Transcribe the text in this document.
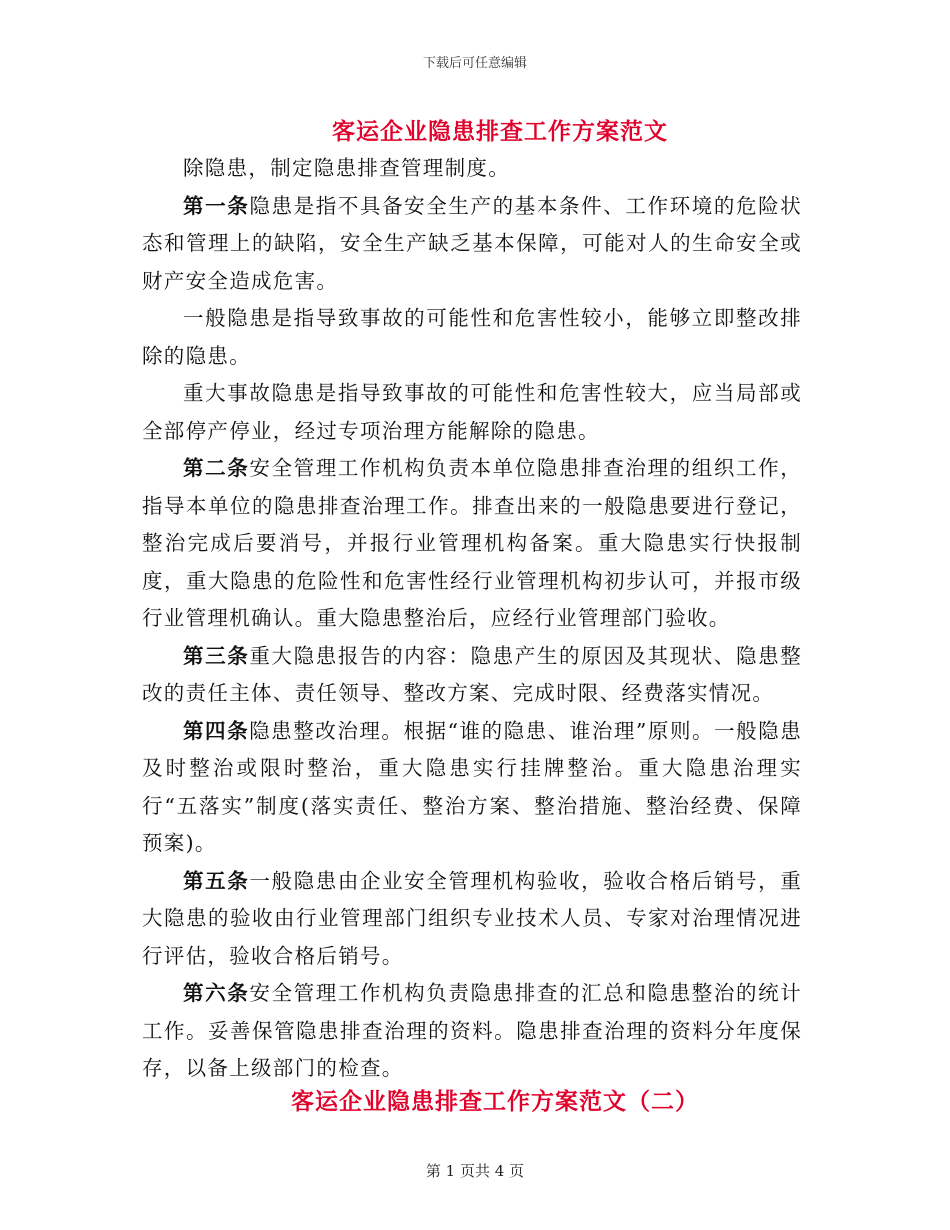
下载后可任意编辑
客运企业隐患排查工作方案范文

除隐患，制定隐患排查管理制度。

第一条隐患是指不具备安全生产的基本条件、工作环境的危险状态和管理上的缺陷，安全生产缺乏基本保障，可能对人的生命安全或财产安全造成危害。

一般隐患是指导致事故的可能性和危害性较小，能够立即整改排除的隐患。

重大事故隐患是指导致事故的可能性和危害性较大，应当局部或全部停产停业，经过专项治理方能解除的隐患。

第二条安全管理工作机构负责本单位隐患排查治理的组织工作，指导本单位的隐患排查治理工作。排查出来的一般隐患要进行登记，整治完成后要消号，并报行业管理机构备案。重大隐患实行快报制度，重大隐患的危险性和危害性经行业管理机构初步认可，并报市级行业管理机确认。重大隐患整治后，应经行业管理部门验收。

第三条重大隐患报告的内容：隐患产生的原因及其现状、隐患整改的责任主体、责任领导、整改方案、完成时限、经费落实情况。

第四条隐患整改治理。根据“谁的隐患、谁治理”原则。一般隐患及时整治或限时整治，重大隐患实行挂牌整治。重大隐患治理实行“五落实”制度(落实责任、整治方案、整治措施、整治经费、保障预案)。

第五条一般隐患由企业安全管理机构验收，验收合格后销号，重大隐患的验收由行业管理部门组织专业技术人员、专家对治理情况进行评估，验收合格后销号。

第六条安全管理工作机构负责隐患排查的汇总和隐患整治的统计工作。妥善保管隐患排查治理的资料。隐患排查治理的资料分年度保存，以备上级部门的检查。

客运企业隐患排查工作方案范文（二）
第 1 页共 4 页
